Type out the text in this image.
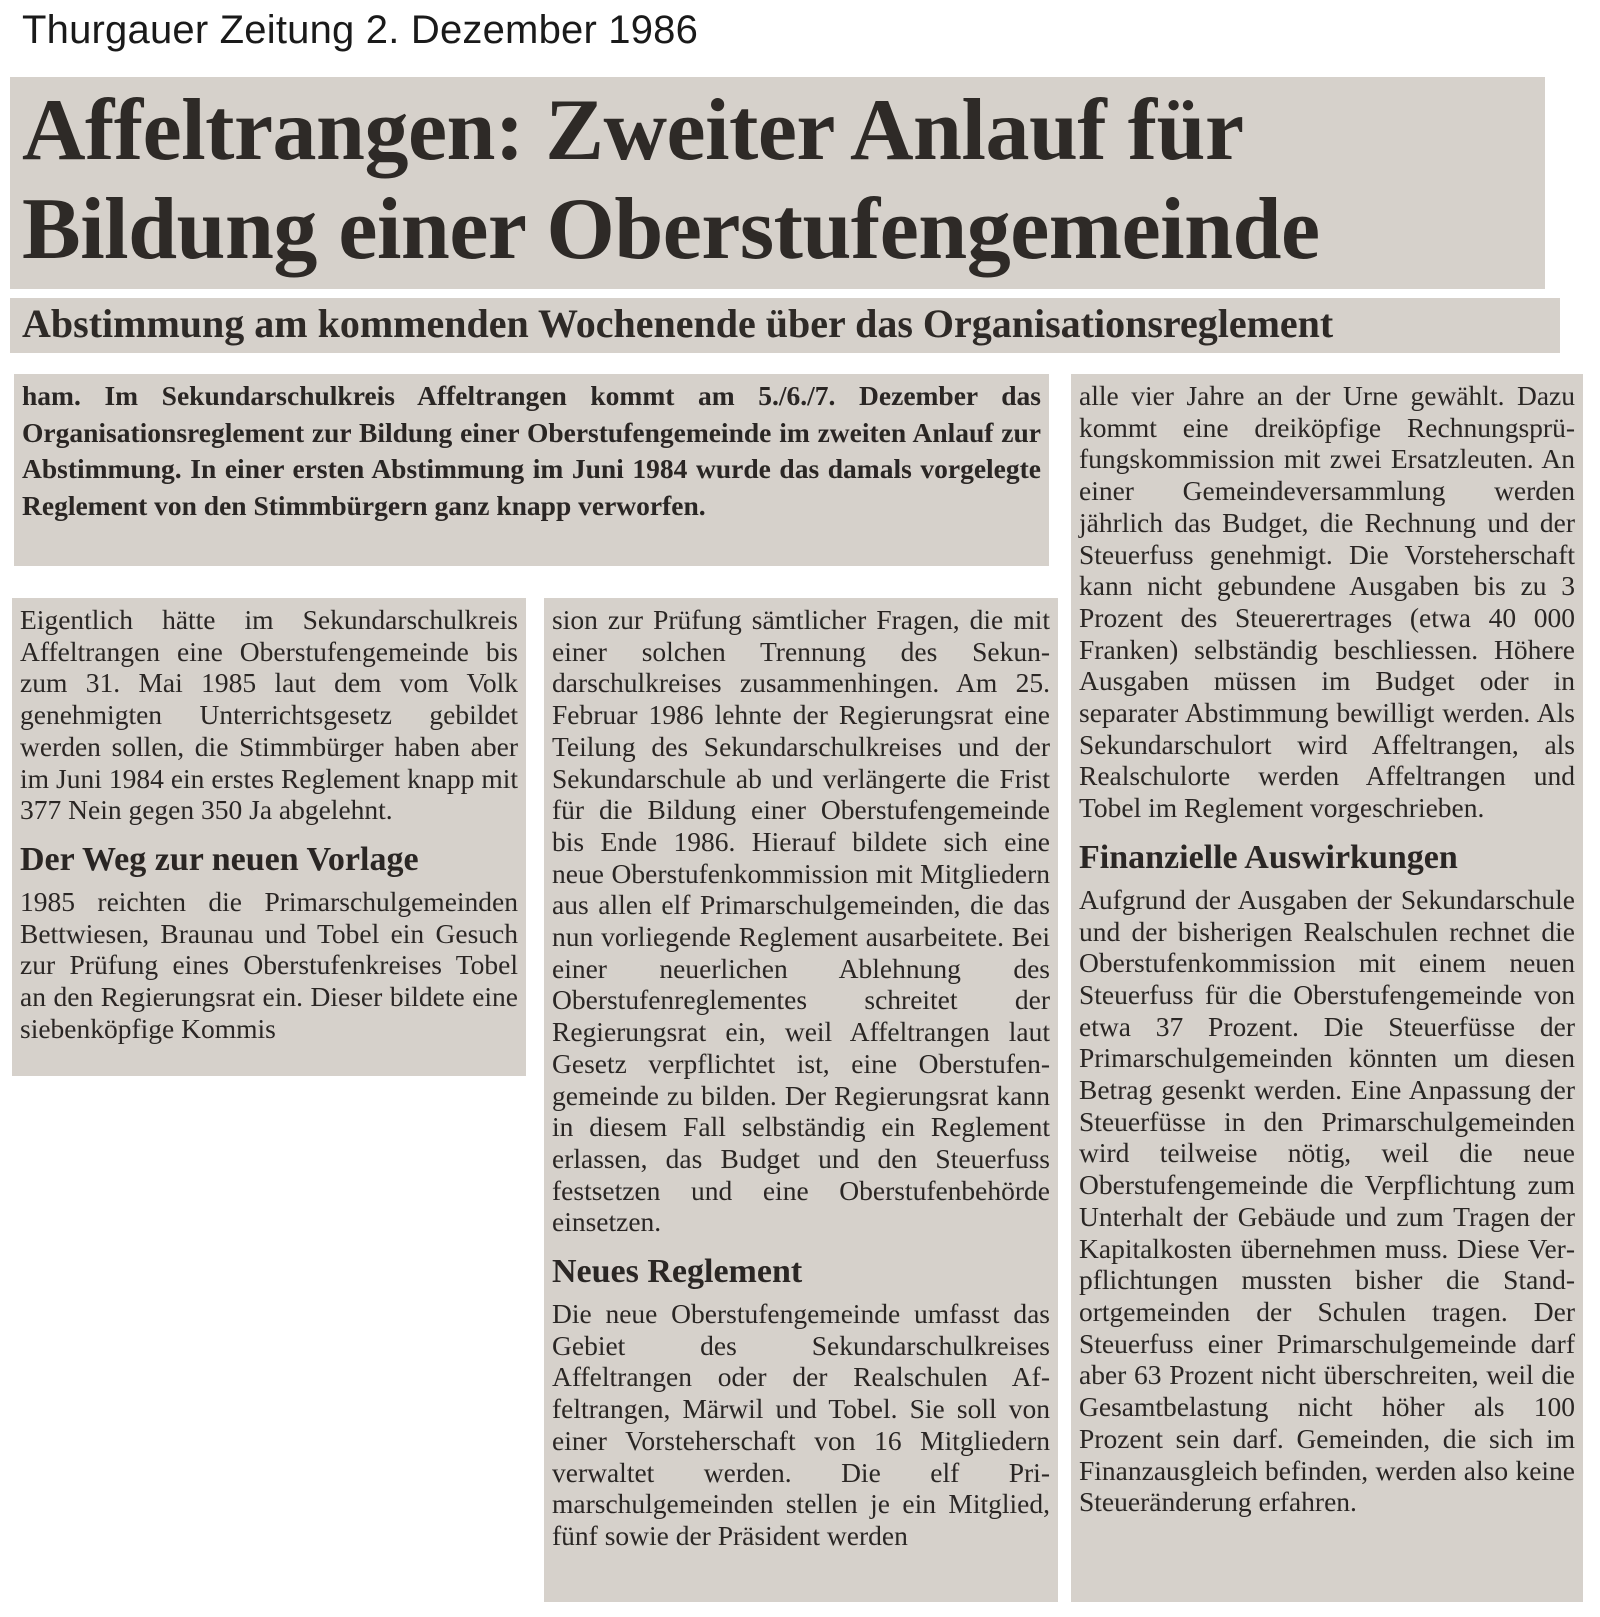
Thurgauer Zeitung 2. Dezember 1986
Affeltrangen: Zweiter Anlauf für Bildung einer Oberstufengemeinde
Abstimmung am kommenden Wochenende über das Organisationsreglement

ham. Im Sekundarschulkreis Affeltrangen kommt am 5./6./7. Dezember das Organisationsreglement zur Bildung einer Oberstufengemeinde im zweiten Anlauf zur Abstimmung. In einer ersten Abstimmung im Juni 1984 wurde das damals vorgelegte Reglement von den Stimmbürgern ganz knapp verworfen.

Eigentlich hätte im Sekundarschulkreis Affeltrangen eine Oberstufengemeinde bis zum 31. Mai 1985 laut dem vom Volk genehmigten Unterrichtsgesetz gebildet werden sollen, die Stimmbürger haben aber im Juni 1984 ein erstes Reglement knapp mit 377 Nein gegen 350 Ja abgelehnt.

Der Weg zur neuen Vorlage

1985 reichten die Primarschulgemeinden Bettwiesen, Braunau und Tobel ein Gesuch zur Prüfung eines Oberstufenkreises Tobel an den Regierungsrat ein. Dieser bildete eine siebenköpfige Kommis

sion zur Prüfung sämtlicher Fragen, die mit einer solchen Trennung des Sekundarschulkreises zusammenhingen. Am 25. Februar 1986 lehnte der Regierungsrat eine Teilung des Sekundarschulkreises und der Sekundarschule ab und verlängerte die Frist für die Bildung einer Oberstufengemeinde bis Ende 1986. Hierauf bildete sich eine neue Oberstufenkommission mit Mitgliedern aus allen elf Primarschulgemeinden, die das nun vorliegende Reglement ausarbeitete. Bei einer neuerlichen Ablehnung des Oberstufenreglementes schreitet der Regierungsrat ein, weil Affeltrangen laut Gesetz verpflichtet ist, eine Oberstufengemeinde zu bilden. Der Regierungsrat kann in diesem Fall selbständig ein Reglement erlassen, das Budget und den Steuerfuss festsetzen und eine Oberstufenbehörde einsetzen.

Neues Reglement

Die neue Oberstufengemeinde umfasst das Gebiet des Sekundarschulkreises Affeltrangen oder der Realschulen Affeltrangen, Märwil und Tobel. Sie soll von einer Vorsteherschaft von 16 Mitgliedern verwaltet werden. Die elf Primarschulgemeinden stellen je ein Mitglied, fünf sowie der Präsident werden

alle vier Jahre an der Urne gewählt. Dazu kommt eine dreiköpfige Rechnungsprüfungskommission mit zwei Ersatzleuten. An einer Gemeindeversammlung werden jährlich das Budget, die Rechnung und der Steuerfuss genehmigt. Die Vorsteherschaft kann nicht gebundene Ausgaben bis zu 3 Prozent des Steuerertrages (etwa 40 000 Franken) selbständig beschliessen. Höhere Ausgaben müssen im Budget oder in separater Abstimmung bewilligt werden. Als Sekundarschulort wird Affeltrangen, als Realschulorte werden Affeltrangen und Tobel im Reglement vorgeschrieben.

Finanzielle Auswirkungen

Aufgrund der Ausgaben der Sekundarschule und der bisherigen Realschulen rechnet die Oberstufenkommission mit einem neuen Steuerfuss für die Oberstufengemeinde von etwa 37 Prozent. Die Steuerfüsse der Primarschulgemeinden könnten um diesen Betrag gesenkt werden. Eine Anpassung der Steuerfüsse in den Primarschulgemeinden wird teilweise nötig, weil die neue Oberstufengemeinde die Verpflichtung zum Unterhalt der Gebäude und zum Tragen der Kapitalkosten übernehmen muss. Diese Verpflichtungen mussten bisher die Standortgemeinden der Schulen tragen. Der Steuerfuss einer Primarschulgemeinde darf aber 63 Prozent nicht überschreiten, weil die Gesamtbelastung nicht höher als 100 Prozent sein darf. Gemeinden, die sich im Finanzausgleich befinden, werden also keine Steueränderung erfahren.
